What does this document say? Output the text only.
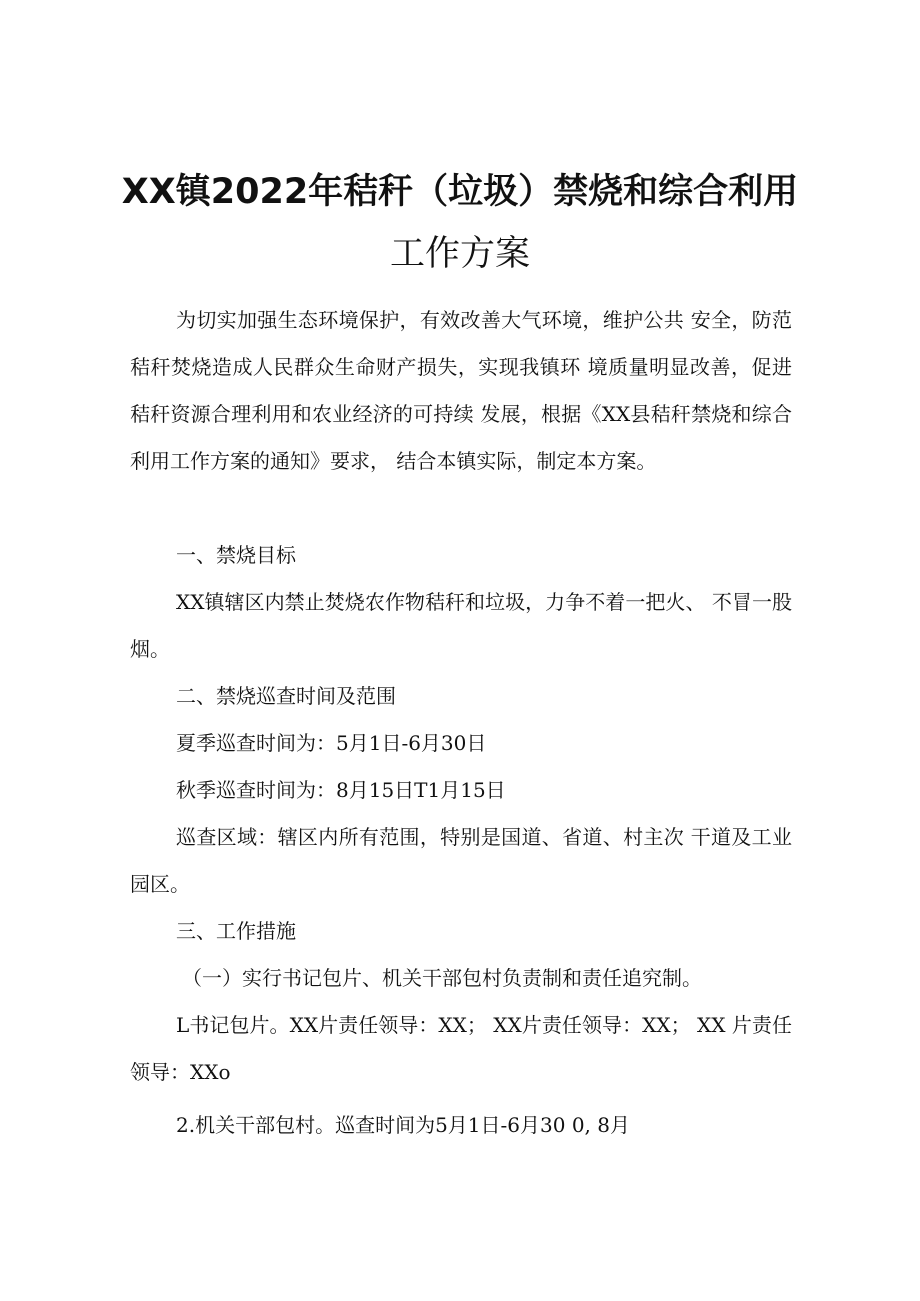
XX镇2022年秸秆（垃圾）禁烧和综合利用
工作方案

为切实加强生态环境保护，有效改善大气环境，维护公共 安全，防范秸秆焚烧造成人民群众生命财产损失，实现我镇环 境质量明显改善，促进秸秆资源合理利用和农业经济的可持续 发展，根据《XX县秸秆禁烧和综合利用工作方案的通知》要求， 结合本镇实际，制定本方案。

一、禁烧目标

XX镇辖区内禁止焚烧农作物秸秆和垃圾，力争不着一把火、 不冒一股烟。

二、禁烧巡查时间及范围

夏季巡查时间为：5月1日-6月30日

秋季巡查时间为：8月15日T1月15日

巡查区域：辖区内所有范围，特别是国道、省道、村主次 干道及工业园区。

三、工作措施

（一）实行书记包片、机关干部包村负责制和责任追究制。

L书记包片。XX片责任领导：XX； XX片责任领导：XX； XX 片责任领导：XXo

2.机关干部包村。巡查时间为5月1日-6月30 0, 8月
